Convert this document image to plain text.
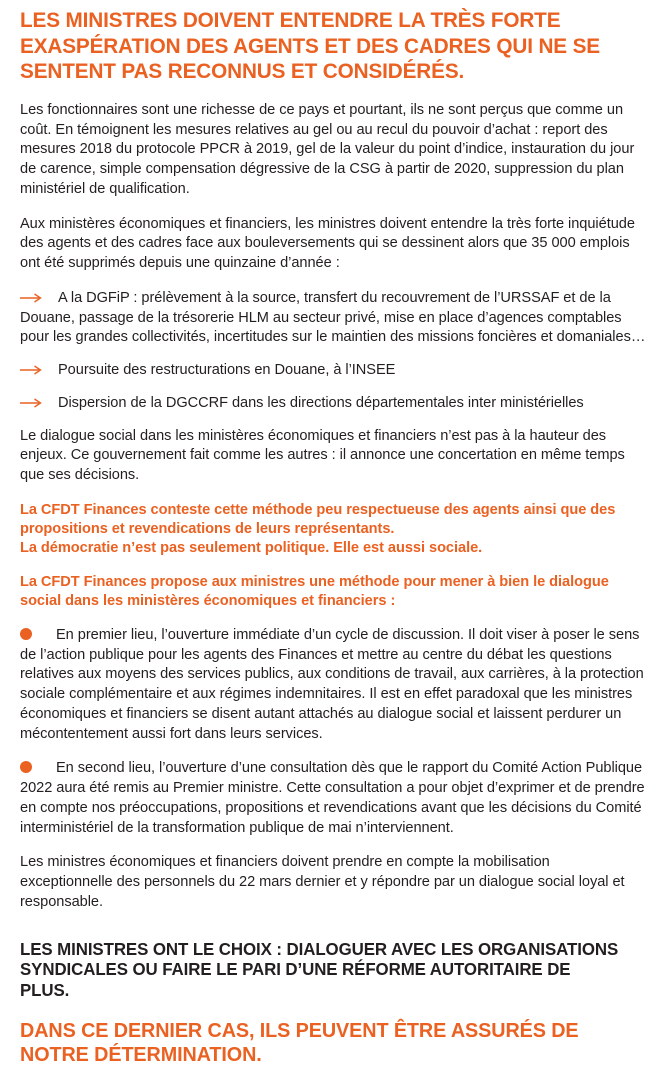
LES MINISTRES DOIVENT ENTENDRE LA TRÈS FORTE EXASPÉRATION DES AGENTS ET DES CADRES QUI NE SE SENTENT PAS RECONNUS ET CONSIDÉRÉS.

Les fonctionnaires sont une richesse de ce pays et pourtant, ils ne sont perçus que comme un coût. En témoignent les mesures relatives au gel ou au recul du pouvoir d’achat : report des mesures 2018 du protocole PPCR à 2019, gel de la valeur du point d’indice, instauration du jour de carence, simple compensation dégressive de la CSG à partir de 2020, suppression du plan ministériel de qualification.

Aux ministères économiques et financiers, les ministres doivent entendre la très forte inquiétude des agents et des cadres face aux bouleversements qui se dessinent alors que 35 000 emplois ont été supprimés depuis une quinzaine d’année :

A la DGFiP : prélèvement à la source, transfert du recouvrement de l’URSSAF et de la Douane, passage de la trésorerie HLM au secteur privé, mise en place d’agences comptables pour les grandes collectivités, incertitudes sur le maintien des missions foncières et domaniales…
Poursuite des restructurations en Douane, à l’INSEE
Dispersion de la DGCCRF dans les directions départementales inter ministérielles

Le dialogue social dans les ministères économiques et financiers n’est pas à la hauteur des enjeux. Ce gouvernement fait comme les autres : il annonce une concertation en même temps que ses décisions.

La CFDT Finances conteste cette méthode peu respectueuse des agents ainsi que des propositions et revendications de leurs représentants.
La démocratie n’est pas seulement politique. Elle est aussi sociale.

La CFDT Finances propose aux ministres une méthode pour mener à bien le dialogue social dans les ministères économiques et financiers :

En premier lieu, l’ouverture immédiate d’un cycle de discussion. Il doit viser à poser le sens de l’action publique pour les agents des Finances et mettre au centre du débat les questions relatives aux moyens des services publics, aux conditions de travail, aux carrières, à la protection sociale complémentaire et aux régimes indemnitaires. Il est en effet paradoxal que les ministres économiques et financiers se disent autant attachés au dialogue social et laissent perdurer un mécontentement aussi fort dans leurs services.
En second lieu, l’ouverture d’une consultation dès que le rapport du Comité Action Publique 2022 aura été remis au Premier ministre. Cette consultation a pour objet d’exprimer et de prendre en compte nos préoccupations, propositions et revendications avant que les décisions du Comité interministériel de la transformation publique de mai n’interviennent.

Les ministres économiques et financiers doivent prendre en compte la mobilisation exceptionnelle des personnels du 22 mars dernier et y répondre par un dialogue social loyal et responsable.

LES MINISTRES ONT LE CHOIX : DIALOGUER AVEC LES ORGANISATIONS SYNDICALES OU FAIRE LE PARI D’UNE RÉFORME AUTORITAIRE DE PLUS.
DANS CE DERNIER CAS, ILS PEUVENT ÊTRE ASSURÉS DE NOTRE DÉTERMINATION.
